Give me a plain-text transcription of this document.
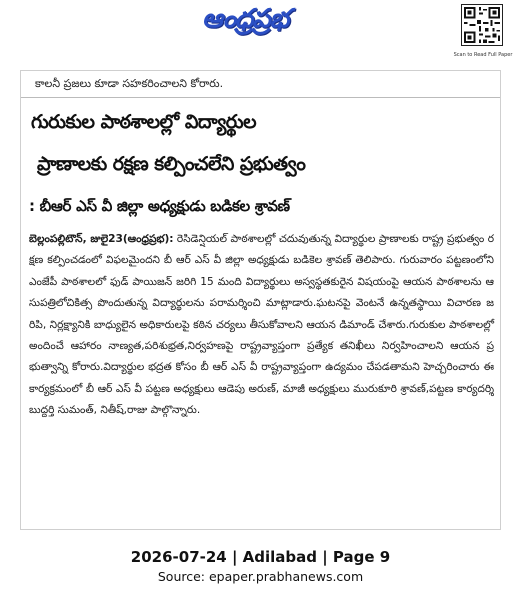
ఆంధ్రప్రభ
Scan to Read Full Paper
కాలనీ ప్రజలు కూడా సహకరించాలని కోరారు.
గురుకుల పాఠశాలల్లో విద్యార్థుల
ప్రాణాలకు రక్షణ కల్పించలేని ప్రభుత్వం
: బీఆర్ ఎస్ వీ జిల్లా అధ్యక్షుడు బడికల శ్రావణ్
బెల్లంపల్లిటౌన్, జులై23(ఆంధ్రప్రభ): రెసిడెన్షియల్ పాఠశాలల్లో చదువుతున్న విద్యార్థుల ప్రాణాలకు రాష్ట్ర ప్రభుత్వం రక్షణ కల్పించడంలో విఫలమైందని బీ ఆర్ ఎస్ వీ జిల్లా అధ్యక్షుడు బడికెల శ్రావణ్ తెలిపారు. గురువారం పట్టణంలోని ఎంజేపీ పాఠశాలలో ఫుడ్ పాయిజన్ జరిగి 15 మంది విద్యార్థులు అస్వస్థతకురైన విషయంపై ఆయన పాఠశాలను ఆసుపత్రిలోచికిత్స పొందుతున్న విద్యార్థులను పరామర్శించి మాట్లాడారు.ఘటనపై వెంటనే ఉన్నతస్థాయి విచారణ జరిపి, నిర్లక్ష్యానికి బాధ్యులైన అధికారులపై కఠిన చర్యలు తీసుకోవాలని ఆయన డిమాండ్ చేశారు.గురుకుల పాఠశాలల్లో అందించే ఆహారం నాణ్యత,పరిశుభ్రత,నిర్వహణపై రాష్ట్రవ్యాప్తంగా ప్రత్యేక తనిఖీలు నిర్వహించాలని ఆయన ప్రభుత్వాన్ని కోరారు.విద్యార్థుల భద్రత కోసం బీ ఆర్ ఎస్ వీ రాష్ట్రవ్యాప్తంగా ఉద్యమం చేపడతామని హెచ్చరించారు ఈ కార్యక్రమంలో బీ ఆర్ ఎస్ వీ పట్టణ అధ్యక్షులు ఆడెపు అరుణ్, మాజీ అధ్యక్షులు మురుకూరి శ్రావణ్,పట్టణ కార్యదర్శి బుద్దర్తి సుమంత్, నితీష్,రాజు పాల్గొన్నారు.
2026-07-24 | Adilabad | Page 9
Source: epaper.prabhanews.com
